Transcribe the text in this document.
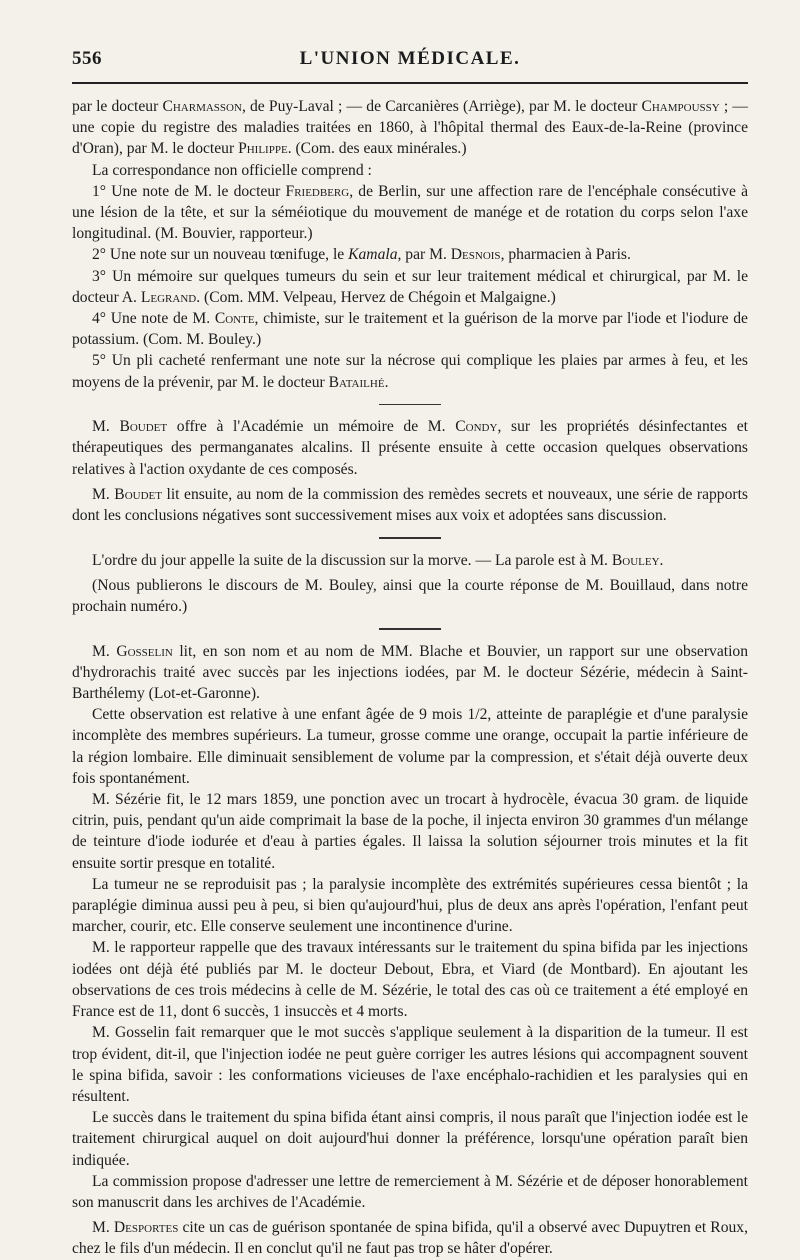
556	L'UNION MÉDICALE.

par le docteur Charmasson, de Puy-Laval ; — de Carcanières (Arriège), par M. le docteur Champoussy ; — une copie du registre des maladies traitées en 1860, à l'hôpital thermal des Eaux-de-la-Reine (province d'Oran), par M. le docteur Philippe. (Com. des eaux minérales.)

La correspondance non officielle comprend :

1° Une note de M. le docteur Friedberg, de Berlin, sur une affection rare de l'encéphale consécutive à une lésion de la tête, et sur la séméiotique du mouvement de manége et de rotation du corps selon l'axe longitudinal. (M. Bouvier, rapporteur.)

2° Une note sur un nouveau tœnifuge, le Kamala, par M. Desnois, pharmacien à Paris.

3° Un mémoire sur quelques tumeurs du sein et sur leur traitement médical et chirurgical, par M. le docteur A. Legrand. (Com. MM. Velpeau, Hervez de Chégoin et Malgaigne.)

4° Une note de M. Conte, chimiste, sur le traitement et la guérison de la morve par l'iode et l'iodure de potassium. (Com. M. Bouley.)

5° Un pli cacheté renfermant une note sur la nécrose qui complique les plaies par armes à feu, et les moyens de la prévenir, par M. le docteur Batailhé.

M. Boudet offre à l'Académie un mémoire de M. Condy, sur les propriétés désinfectantes et thérapeutiques des permanganates alcalins. Il présente ensuite à cette occasion quelques observations relatives à l'action oxydante de ces composés.

M. Boudet lit ensuite, au nom de la commission des remèdes secrets et nouveaux, une série de rapports dont les conclusions négatives sont successivement mises aux voix et adoptées sans discussion.

L'ordre du jour appelle la suite de la discussion sur la morve. — La parole est à M. Bouley.

(Nous publierons le discours de M. Bouley, ainsi que la courte réponse de M. Bouillaud, dans notre prochain numéro.)

M. Gosselin lit, en son nom et au nom de MM. Blache et Bouvier, un rapport sur une observation d'hydrorachis traité avec succès par les injections iodées, par M. le docteur Sézérie, médecin à Saint-Barthélemy (Lot-et-Garonne).

Cette observation est relative à une enfant âgée de 9 mois 1/2, atteinte de paraplégie et d'une paralysie incomplète des membres supérieurs. La tumeur, grosse comme une orange, occupait la partie inférieure de la région lombaire. Elle diminuait sensiblement de volume par la compression, et s'était déjà ouverte deux fois spontanément.

M. Sézérie fit, le 12 mars 1859, une ponction avec un trocart à hydrocèle, évacua 30 gram. de liquide citrin, puis, pendant qu'un aide comprimait la base de la poche, il injecta environ 30 grammes d'un mélange de teinture d'iode iodurée et d'eau à parties égales. Il laissa la solution séjourner trois minutes et la fit ensuite sortir presque en totalité.

La tumeur ne se reproduisit pas ; la paralysie incomplète des extrémités supérieures cessa bientôt ; la paraplégie diminua aussi peu à peu, si bien qu'aujourd'hui, plus de deux ans après l'opération, l'enfant peut marcher, courir, etc. Elle conserve seulement une incontinence d'urine.

M. le rapporteur rappelle que des travaux intéressants sur le traitement du spina bifida par les injections iodées ont déjà été publiés par M. le docteur Debout, Ebra, et Viard (de Montbard). En ajoutant les observations de ces trois médecins à celle de M. Sézérie, le total des cas où ce traitement a été employé en France est de 11, dont 6 succès, 1 insuccès et 4 morts.

M. Gosselin fait remarquer que le mot succès s'applique seulement à la disparition de la tumeur. Il est trop évident, dit-il, que l'injection iodée ne peut guère corriger les autres lésions qui accompagnent souvent le spina bifida, savoir : les conformations vicieuses de l'axe encéphalo-rachidien et les paralysies qui en résultent.

Le succès dans le traitement du spina bifida étant ainsi compris, il nous paraît que l'injection iodée est le traitement chirurgical auquel on doit aujourd'hui donner la préférence, lorsqu'une opération paraît bien indiquée.

La commission propose d'adresser une lettre de remerciement à M. Sézérie et de déposer honorablement son manuscrit dans les archives de l'Académie.

M. Desportes cite un cas de guérison spontanée de spina bifida, qu'il a observé avec Dupuytren et Roux, chez le fils d'un médecin. Il en conclut qu'il ne faut pas trop se hâter d'opérer.
